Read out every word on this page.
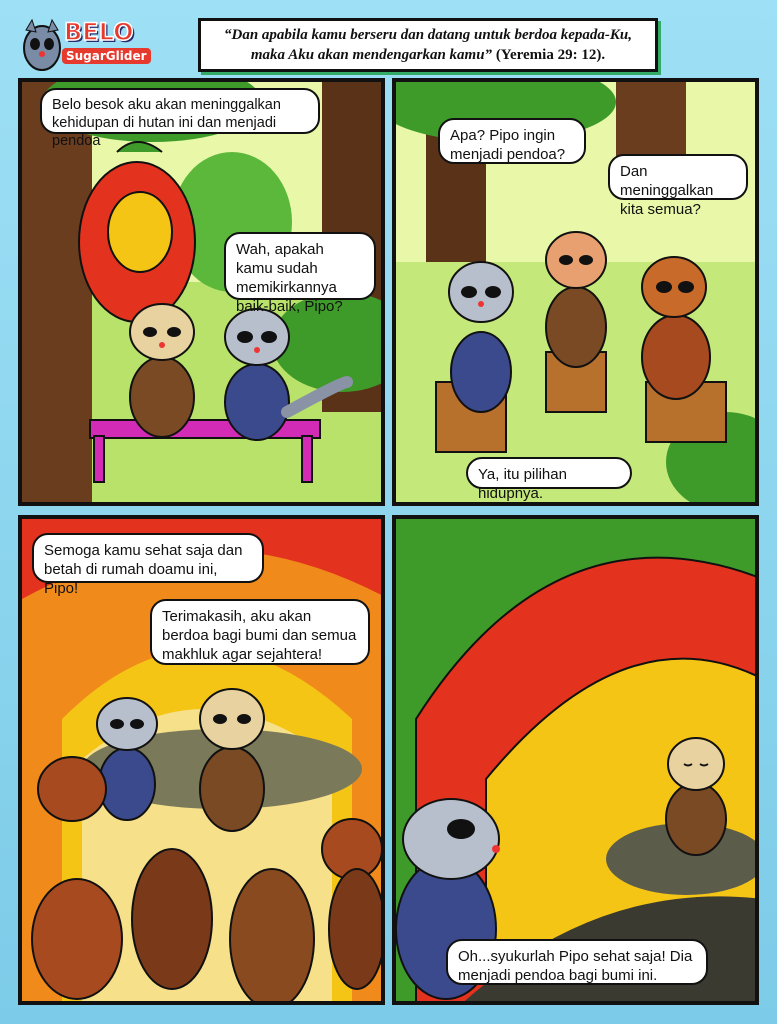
BELO
SugarGlider
“Dan apabila kamu berseru dan datang untuk berdoa kepada-Ku, maka Aku akan mendengarkan kamu” (Yeremia 29: 12).
Belo besok aku akan meninggalkan kehidupan di hutan ini dan menjadi pendoa
Wah, apakah kamu sudah memikirkannya baik-baik, Pipo?
Apa? Pipo ingin menjadi pendoa?
Dan meninggalkan kita semua?
Ya, itu pilihan hidupnya.
Semoga kamu sehat saja dan betah di rumah doamu ini, Pipo!
Terimakasih, aku akan berdoa bagi bumi dan semua makhluk agar sejahtera!
Oh...syukurlah Pipo sehat saja! Dia menjadi pendoa bagi bumi ini.
